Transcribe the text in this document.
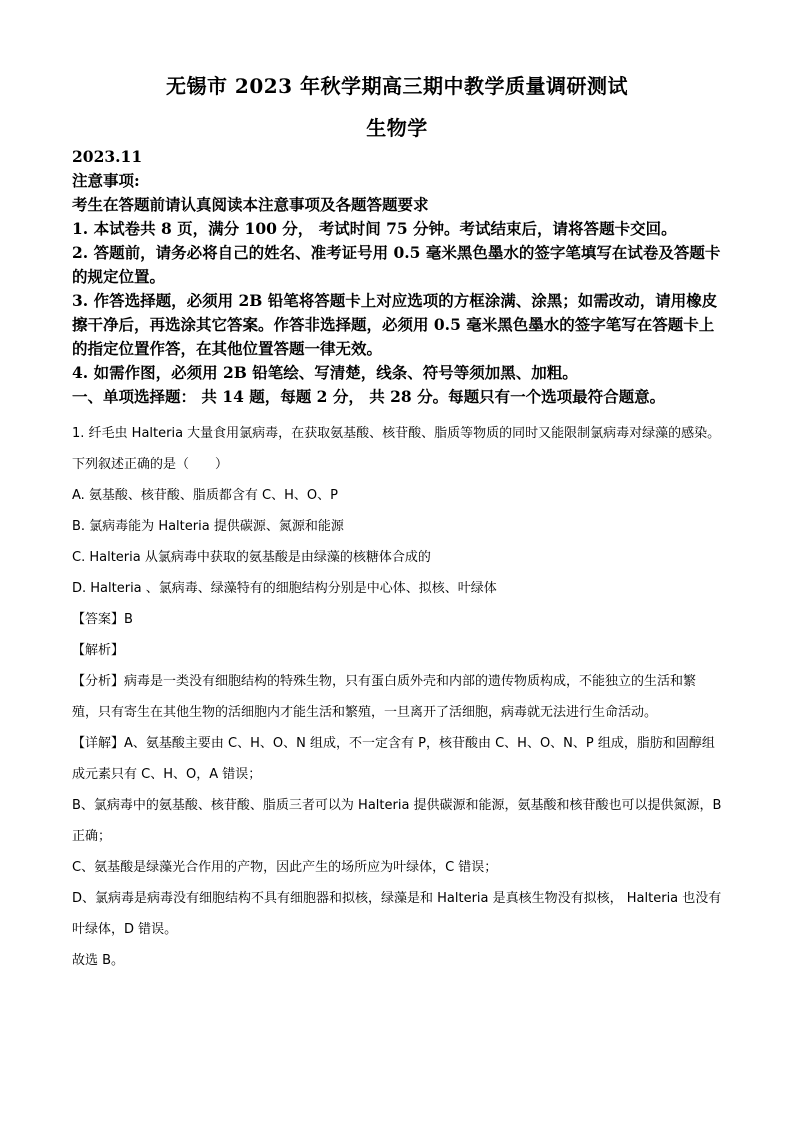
无锡市 2023 年秋学期高三期中教学质量调研测试
生物学

2023.11

注意事项:

考生在答题前请认真阅读本注意事项及各题答题要求

1. 本试卷共 8 页，满分 100 分， 考试时间 75 分钟。考试结束后，请将答题卡交回。

2. 答题前，请务必将自己的姓名、准考证号用 0.5 毫米黑色墨水的签字笔填写在试卷及答题卡的规定位置。

3. 作答选择题，必须用 2B 铅笔将答题卡上对应选项的方框涂满、涂黑；如需改动，请用橡皮擦干净后，再选涂其它答案。作答非选择题，必须用 0.5 毫米黑色墨水的签字笔写在答题卡上的指定位置作答，在其他位置答题一律无效。

4. 如需作图，必须用 2B 铅笔绘、写清楚，线条、符号等须加黑、加粗。

一、单项选择题： 共 14 题，每题 2 分， 共 28 分。每题只有一个选项最符合题意。

1. 纤毛虫 Halteria 大量食用氯病毒，在获取氨基酸、核苷酸、脂质等物质的同时又能限制氯病毒对绿藻的感染。下列叙述正确的是（　　）

A. 氨基酸、核苷酸、脂质都含有 C、H、O、P

B. 氯病毒能为 Halteria 提供碳源、氮源和能源

C. Halteria 从氯病毒中获取的氨基酸是由绿藻的核糖体合成的

D. Halteria 、氯病毒、绿藻特有的细胞结构分别是中心体、拟核、叶绿体

【答案】B

【解析】

【分析】病毒是一类没有细胞结构的特殊生物，只有蛋白质外壳和内部的遗传物质构成，不能独立的生活和繁殖，只有寄生在其他生物的活细胞内才能生活和繁殖，一旦离开了活细胞，病毒就无法进行生命活动。

【详解】A、氨基酸主要由 C、H、O、N 组成，不一定含有 P，核苷酸由 C、H、O、N、P 组成，脂肪和固醇组成元素只有 C、H、O，A 错误；

B、氯病毒中的氨基酸、核苷酸、脂质三者可以为 Halteria 提供碳源和能源，氨基酸和核苷酸也可以提供氮源，B 正确；

C、氨基酸是绿藻光合作用的产物，因此产生的场所应为叶绿体，C 错误；

D、氯病毒是病毒没有细胞结构不具有细胞器和拟核，绿藻是和 Halteria 是真核生物没有拟核， Halteria 也没有叶绿体，D 错误。

故选 B。
